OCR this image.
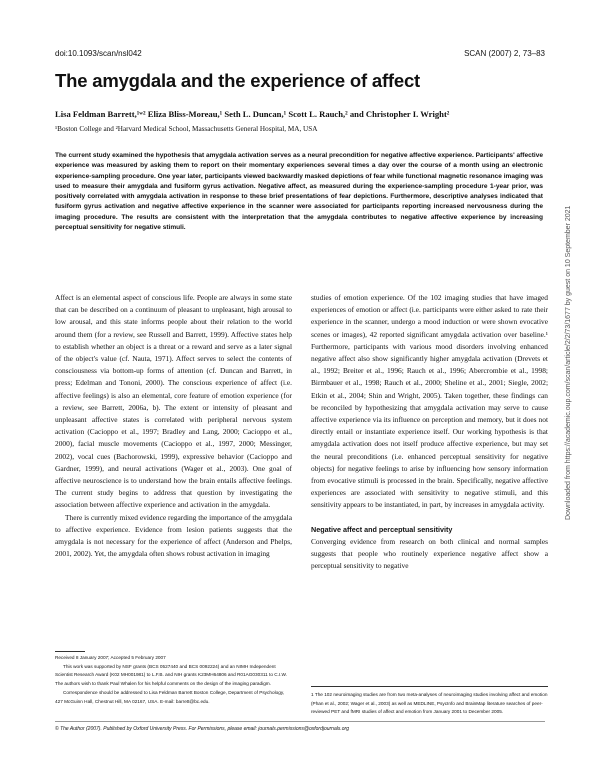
doi:10.1093/scan/nsl042	SCAN (2007) 2, 73–83
The amygdala and the experience of affect
Lisa Feldman Barrett,¹ʷ² Eliza Bliss-Moreau,¹ Seth L. Duncan,¹ Scott L. Rauch,² and Christopher I. Wright²
¹Boston College and ²Harvard Medical School, Massachusetts General Hospital, MA, USA

The current study examined the hypothesis that amygdala activation serves as a neural precondition for negative affective experience. Participants' affective experience was measured by asking them to report on their momentary experiences several times a day over the course of a month using an electronic experience-sampling procedure. One year later, participants viewed backwardly masked depictions of fear while functional magnetic resonance imaging was used to measure their amygdala and fusiform gyrus activation. Negative affect, as measured during the experience-sampling procedure 1-year prior, was positively correlated with amygdala activation in response to these brief presentations of fear depictions. Furthermore, descriptive analyses indicated that fusiform gyrus activation and negative affective experience in the scanner were associated for participants reporting increased nervousness during the imaging procedure. The results are consistent with the interpretation that the amygdala contributes to negative affective experience by increasing perceptual sensitivity for negative stimuli.	Downloaded from https://academic.oup.com/scan/article/2/2/73/1677 by guest on 10 September 2021

Affect is an elemental aspect of conscious life. People are always in some state that can be described on a continuum of pleasant to unpleasant, high arousal to low arousal, and this state informs people about their relation to the world around them (for a review, see Russell and Barrett, 1999). Affective states help to establish whether an object is a threat or a reward and serve as a later signal of the object's value (cf. Nauta, 1971). Affect serves to select the contents of consciousness via bottom-up forms of attention (cf. Duncan and Barrett, in press; Edelman and Tononi, 2000). The conscious experience of affect (i.e. affective feelings) is also an elemental, core feature of emotion experience (for a review, see Barrett, 2006a, b). The extent or intensity of pleasant and unpleasant affective states is correlated with peripheral nervous system activation (Cacioppo et al., 1997; Bradley and Lang, 2000; Cacioppo et al., 2000), facial muscle movements (Cacioppo et al., 1997, 2000; Messinger, 2002), vocal cues (Bachorowski, 1999), expressive behavior (Cacioppo and Gardner, 1999), and neural activations (Wager et al., 2003). One goal of affective neuroscience is to understand how the brain entails affective feelings. The current study begins to address that question by investigating the association between affective experience and activation in the amygdala.

There is currently mixed evidence regarding the importance of the amygdala to affective experience. Evidence from lesion patients suggests that the amygdala is not necessary for the experience of affect (Anderson and Phelps, 2001, 2002). Yet, the amygdala often shows robust activation in imaging

studies of emotion experience. Of the 102 imaging studies that have imaged experiences of emotion or affect (i.e. participants were either asked to rate their experience in the scanner, undergo a mood induction or were shown evocative scenes or images), 42 reported significant amygdala activation over baseline.¹ Furthermore, participants with various mood disorders involving enhanced negative affect also show significantly higher amygdala activation (Drevets et al., 1992; Breiter et al., 1996; Rauch et al., 1996; Abercrombie et al., 1998; Birmbauer et al., 1998; Rauch et al., 2000; Sheline et al., 2001; Siegle, 2002; Etkin et al., 2004; Shin and Wright, 2005). Taken together, these findings can be reconciled by hypothesizing that amygdala activation may serve to cause affective experience via its influence on perception and memory, but it does not directly entail or instantiate experience itself. Our working hypothesis is that amygdala activation does not itself produce affective experience, but may set the neural preconditions (i.e. enhanced perceptual sensitivity for negative objects) for negative feelings to arise by influencing how sensory information from evocative stimuli is processed in the brain. Specifically, negative affective experiences are associated with sensitivity to negative stimuli, and this sensitivity appears to be instantiated, in part, by increases in amygdala activity.

Negative affect and perceptual sensitivity

Converging evidence from research on both clinical and normal samples suggests that people who routinely experience negative affect show a perceptual sensitivity to negative

Received 8 January 2007; Accepted 5 February 2007

This work was supported by NSF grants (BCS 0527440 and BCS 0092224) and an NIMH Independent Scientist Research Award (K02 MH001981) to L.F.B. and NIH grants K23MH64806 and R01AG030311 to C.I.W. The authors wish to thank Paul Whalen for his helpful comments on the design of the imaging paradigm.

Correspondence should be addressed to Lisa Feldman Barrett Boston College, Department of Psychology, 427 McGuinn Hall, Chestnut Hill, MA 02167, USA. E-mail: barrett@bc.edu.

1 The 102 neuroimaging studies are from two meta-analyses of neuroimaging studies involving affect and emotion (Phan et al., 2002; Wager et al., 2003) as well as MEDLINE, PsycInfo and BrainMap literature searches of peer-reviewed PET and fMRI studies of affect and emotion from January 2001 to December 2005.

© The Author (2007). Published by Oxford University Press. For Permissions, please email: journals.permissions@oxfordjournals.org
